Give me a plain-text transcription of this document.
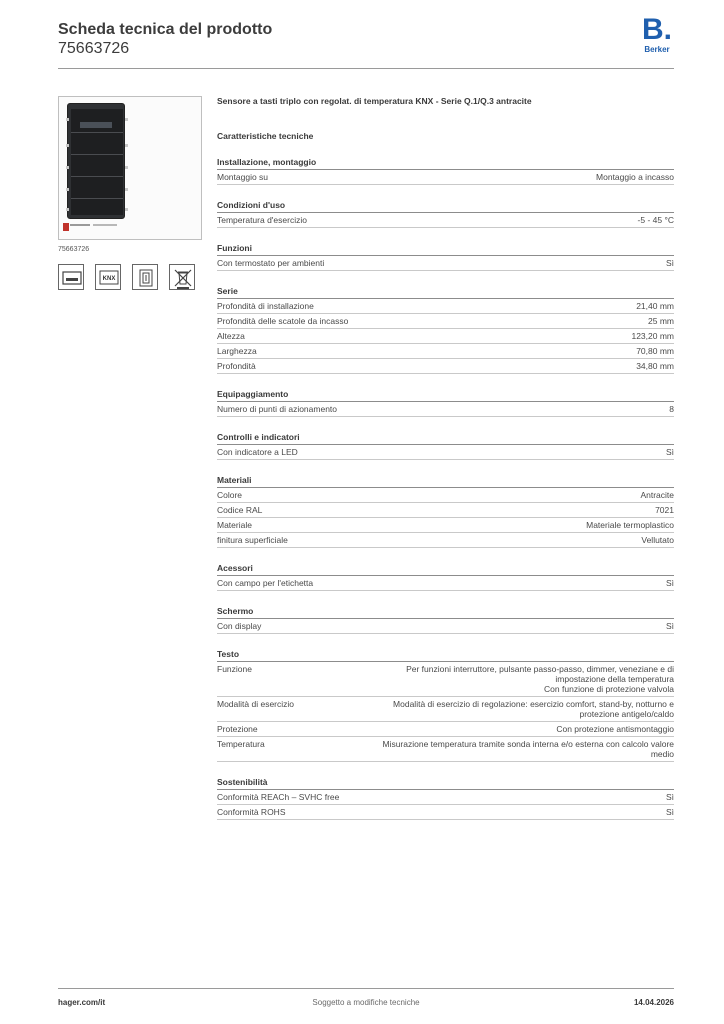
Scheda tecnica del prodotto
75663726
B.
Berker
75663726
KNX
Sensore a tasti triplo con regolat. di temperatura KNX - Serie Q.1/Q.3 antracite
Caratteristiche tecniche
Installazione, montaggio
Montaggio su	Montaggio a incasso
Condizioni d'uso
Temperatura d'esercizio	-5 - 45 °C
Funzioni
Con termostato per ambienti	Sì
Serie
Profondità di installazione	21,40 mm
Profondità delle scatole da incasso	25 mm
Altezza	123,20 mm
Larghezza	70,80 mm
Profondità	34,80 mm
Equipaggiamento
Numero di punti di azionamento	8
Controlli e indicatori
Con indicatore a LED	Sì
Materiali
Colore	Antracite
Codice RAL	7021
Materiale	Materiale termoplastico
finitura superficiale	Vellutato
Acessori
Con campo per l'etichetta	Sì
Schermo
Con display	Sì
Testo
Funzione	Per funzioni interruttore, pulsante passo-passo, dimmer, veneziane e di impostazione della temperatura
Con funzione di protezione valvola
Modalità di esercizio	Modalità di esercizio di regolazione: esercizio comfort, stand-by, notturno e protezione antigelo/caldo
Protezione	Con protezione antismontaggio
Temperatura	Misurazione temperatura tramite sonda interna e/o esterna con calcolo valore medio
Sostenibilità
Conformità REACh – SVHC free	Sì
Conformità ROHS	Sì
hager.com/it	Soggetto a modifiche tecniche	14.04.2026
